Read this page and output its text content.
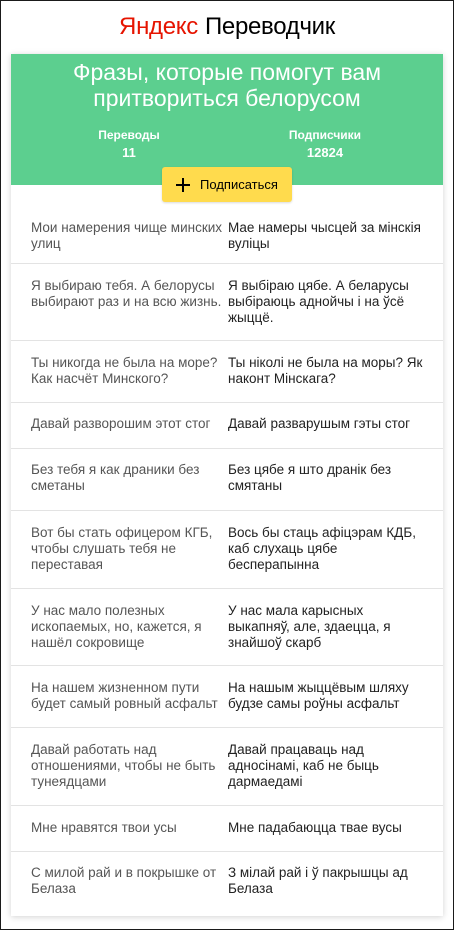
Яндекс Переводчик
Фразы, которые помогут вам притвориться белорусом
Переводы
11
Подписчики
12824
Подписаться
Мои намерения чище минских улиц
Мае намеры чысцей за мінскія вуліцы
Я выбираю тебя. А белорусы выбирают раз и на всю жизнь.
Я выбіраю цябе. А беларусы выбіраюць аднойчы і на ўсё жыццё.
Ты никогда не была на море? Как насчёт Минского?
Ты ніколі не была на моры? Як наконт Мінскага?
Давай разворошим этот стог	Давай разварушым гэты стог
Без тебя я как драники без сметаны
Без цябе я што дранік без смятаны
Вот бы стать офицером КГБ, чтобы слушать тебя не переставая
Вось бы стаць афіцэрам КДБ, каб слухаць цябе бесперапынна
У нас мало полезных ископаемых, но, кажется, я нашёл сокровище
У нас мала карысных выкапняў, але, здаецца, я знайшоў скарб
На нашем жизненном пути будет самый ровный асфальт
На нашым жыццёвым шляху будзе самы роўны асфальт
Давай работать над отношениями, чтобы не быть тунеядцами
Давай працаваць над адносінамі, каб не быць дармаедамі
Мне нравятся твои усы	Мне падабаюцца твае вусы
С милой рай и в покрышке от Белаза
З мілай рай і ў пакрышцы ад Белаза
